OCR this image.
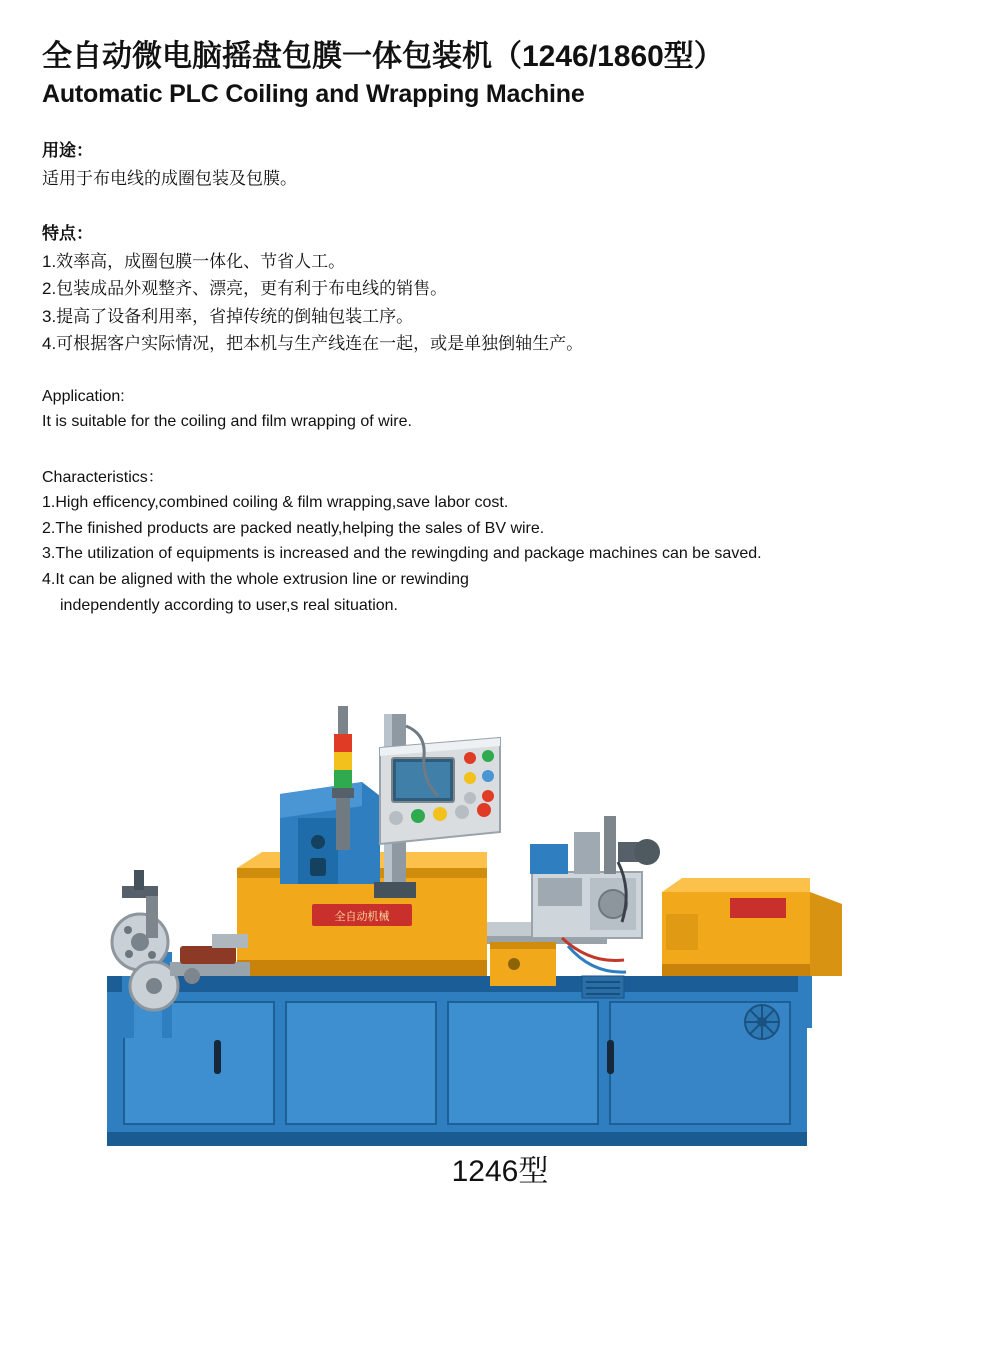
全自动微电脑摇盘包膜一体包装机（1246/1860型）
Automatic PLC Coiling and Wrapping Machine
用途：
适用于布电线的成圈包装及包膜。
特点：
1.效率高，成圈包膜一体化、节省人工。
2.包装成品外观整齐、漂亮，更有利于布电线的销售。
3.提高了设备利用率，省掉传统的倒轴包装工序。
4.可根据客户实际情况，把本机与生产线连在一起，或是单独倒轴生产。
Application:
It is suitable for the coiling and film wrapping of wire.
Characteristics：
1.High efficency,combined coiling & film wrapping,save labor cost.
2.The finished products are packed neatly,helping the sales of BV wire.
3.The utilization of equipments is increased and the rewingding and package machines can be saved.
4.It can be aligned with the whole extrusion line or rewinding
independently according to user,s real situation.
全自动机械
1246型
